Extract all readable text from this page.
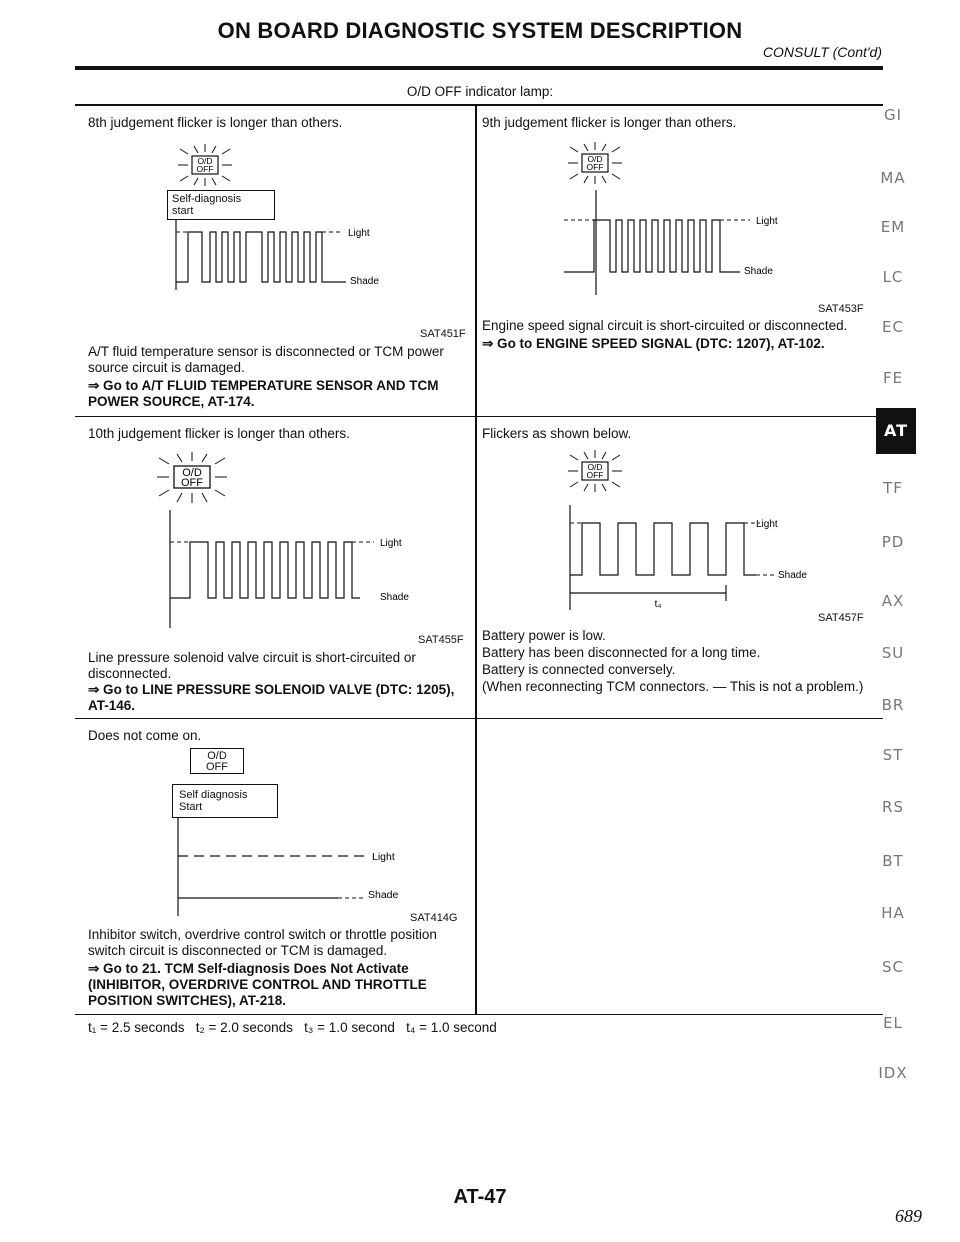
ON BOARD DIAGNOSTIC SYSTEM DESCRIPTION
CONSULT (Cont'd)
O/D OFF indicator lamp:
8th judgement flicker is longer than others.
O/D
OFF
Self-diagnosis
start
Light
Shade
SAT451F
A/T fluid temperature sensor is disconnected or TCM power source circuit is damaged.
⇒ Go to A/T FLUID TEMPERATURE SENSOR AND TCM POWER SOURCE, AT-174.
9th judgement flicker is longer than others.
O/D
OFF
Light
Shade
SAT453F
Engine speed signal circuit is short-circuited or disconnected.
⇒ Go to ENGINE SPEED SIGNAL (DTC: 1207), AT-102.
10th judgement flicker is longer than others.
O/D
OFF
Light
Shade
SAT455F
Line pressure solenoid valve circuit is short-circuited or disconnected.
⇒ Go to LINE PRESSURE SOLENOID VALVE (DTC: 1205), AT-146.
Flickers as shown below.
O/D
OFF
Light
Shade
t₄
SAT457F
Battery power is low.
Battery has been disconnected for a long time.
Battery is connected conversely.
(When reconnecting TCM connectors. — This is not a problem.)
Does not come on.
O/D
OFF
Self diagnosis
Start
Light
Shade
SAT414G
Inhibitor switch, overdrive control switch or throttle position switch circuit is disconnected or TCM is damaged.
⇒ Go to 21. TCM Self-diagnosis Does Not Activate (INHIBITOR, OVERDRIVE CONTROL AND THROTTLE POSITION SWITCHES), AT-218.
t₁ = 2.5 seconds   t₂ = 2.0 seconds   t₃ = 1.0 second   t₄ = 1.0 second
GI
MA
EM
LC
EC
FE
AT
TF
PD
AX
SU
BR
ST
RS
BT
HA
SC
EL
IDX
AT-47
689
